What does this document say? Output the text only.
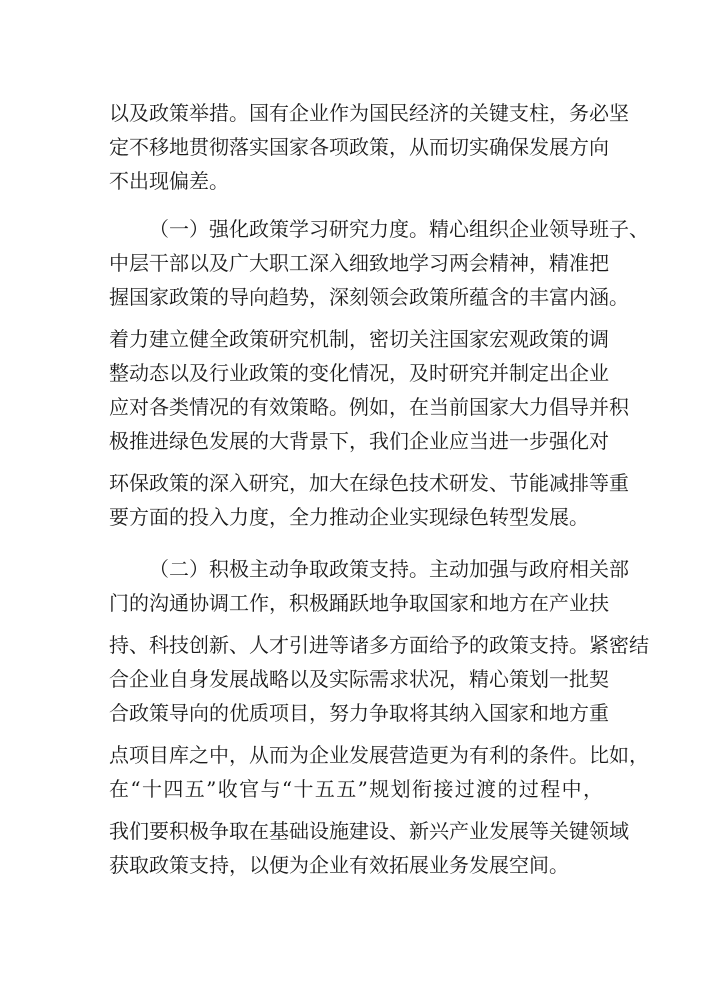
以及政策举措。国有企业作为国民经济的关键支柱，务必坚
定不移地贯彻落实国家各项政策，从而切实确保发展方向
不出现偏差。
（一）强化政策学习研究力度。精心组织企业领导班子、
中层干部以及广大职工深入细致地学习两会精神，精准把
握国家政策的导向趋势，深刻领会政策所蕴含的丰富内涵。
着力建立健全政策研究机制，密切关注国家宏观政策的调
整动态以及行业政策的变化情况，及时研究并制定出企业
应对各类情况的有效策略。例如，在当前国家大力倡导并积
极推进绿色发展的大背景下，我们企业应当进一步强化对
环保政策的深入研究，加大在绿色技术研发、节能减排等重
要方面的投入力度，全力推动企业实现绿色转型发展。
（二）积极主动争取政策支持。主动加强与政府相关部
门的沟通协调工作，积极踊跃地争取国家和地方在产业扶
持、科技创新、人才引进等诸多方面给予的政策支持。紧密结
合企业自身发展战略以及实际需求状况，精心策划一批契
合政策导向的优质项目，努力争取将其纳入国家和地方重
点项目库之中，从而为企业发展营造更为有利的条件。比如，
在“十四五”收官与“十五五”规划衔接过渡的过程中，
我们要积极争取在基础设施建设、新兴产业发展等关键领域
获取政策支持，以便为企业有效拓展业务发展空间。
